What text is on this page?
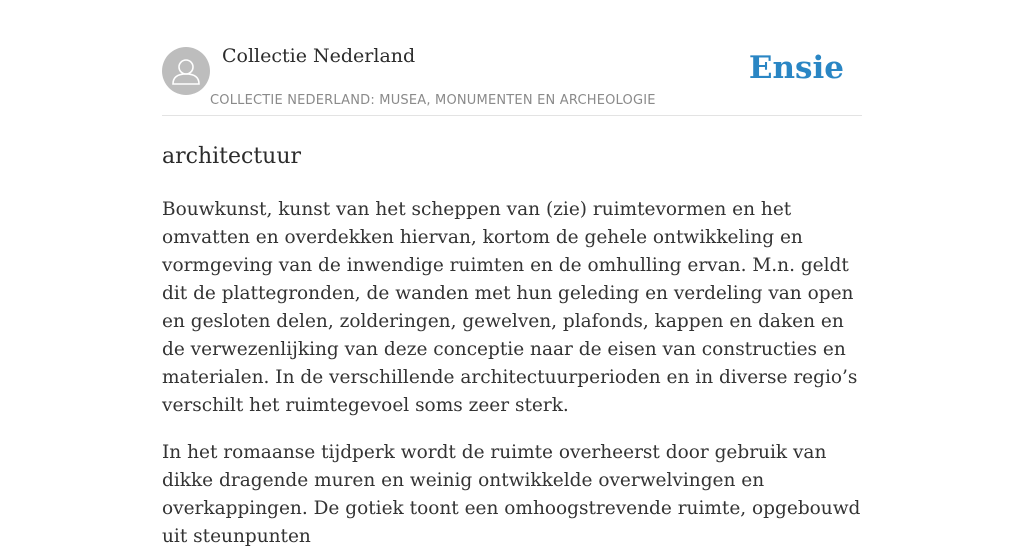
Collectie Nederland
COLLECTIE NEDERLAND: MUSEA, MONUMENTEN EN ARCHEOLOGIE
Ensie
architectuur

Bouwkunst, kunst van het scheppen van (zie) ruimtevormen en het omvatten en overdekken hiervan, kortom de gehele ontwikkeling en vormgeving van de inwendige ruimten en de omhulling ervan. M.n. geldt dit de plattegronden, de wanden met hun geleding en verdeling van open en gesloten delen, zolderingen, gewelven, plafonds, kappen en daken en de verwezenlijking van deze conceptie naar de eisen van constructies en materialen. In de verschillende architectuurperioden en in diverse regio’s verschilt het ruimtegevoel soms zeer sterk.

In het romaanse tijdperk wordt de ruimte overheerst door gebruik van dikke dragende muren en weinig ontwikkelde overwelvingen en overkappingen. De gotiek toont een omhoogstrevende ruimte, opgebouwd uit steunpunten
